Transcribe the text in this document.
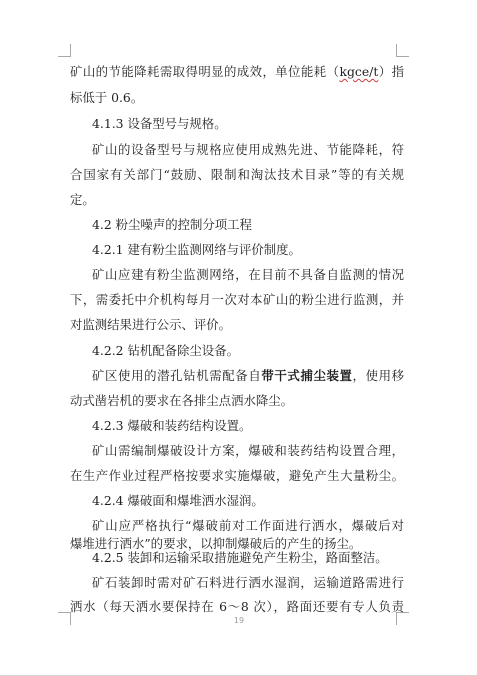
矿山的节能降耗需取得明显的成效，单位能耗（kgce/t）指
标低于 0.6。
4.1.3 设备型号与规格。
矿山的设备型号与规格应使用成熟先进、节能降耗，符
合国家有关部门“鼓励、限制和淘汰技术目录”等的有关规
定。
4.2 粉尘噪声的控制分项工程
4.2.1 建有粉尘监测网络与评价制度。
矿山应建有粉尘监测网络，在目前不具备自监测的情况
下，需委托中介机构每月一次对本矿山的粉尘进行监测，并
对监测结果进行公示、评价。
4.2.2 钻机配备除尘设备。
矿区使用的潜孔钻机需配备自带干式捕尘装置，使用移
动式凿岩机的要求在各排尘点洒水降尘。
4.2.3 爆破和装药结构设置。
矿山需编制爆破设计方案，爆破和装药结构设置合理，
在生产作业过程严格按要求实施爆破，避免产生大量粉尘。
4.2.4 爆破面和爆堆洒水湿润。
矿山应严格执行“爆破前对工作面进行洒水，爆破后对
爆堆进行洒水”的要求，以抑制爆破后的产生的扬尘。
4.2.5 装卸和运输采取措施避免产生粉尘，路面整洁。
矿石装卸时需对矿石料进行洒水湿润，运输道路需进行
洒水（每天洒水要保持在 6～8 次），路面还要有专人负责
19
